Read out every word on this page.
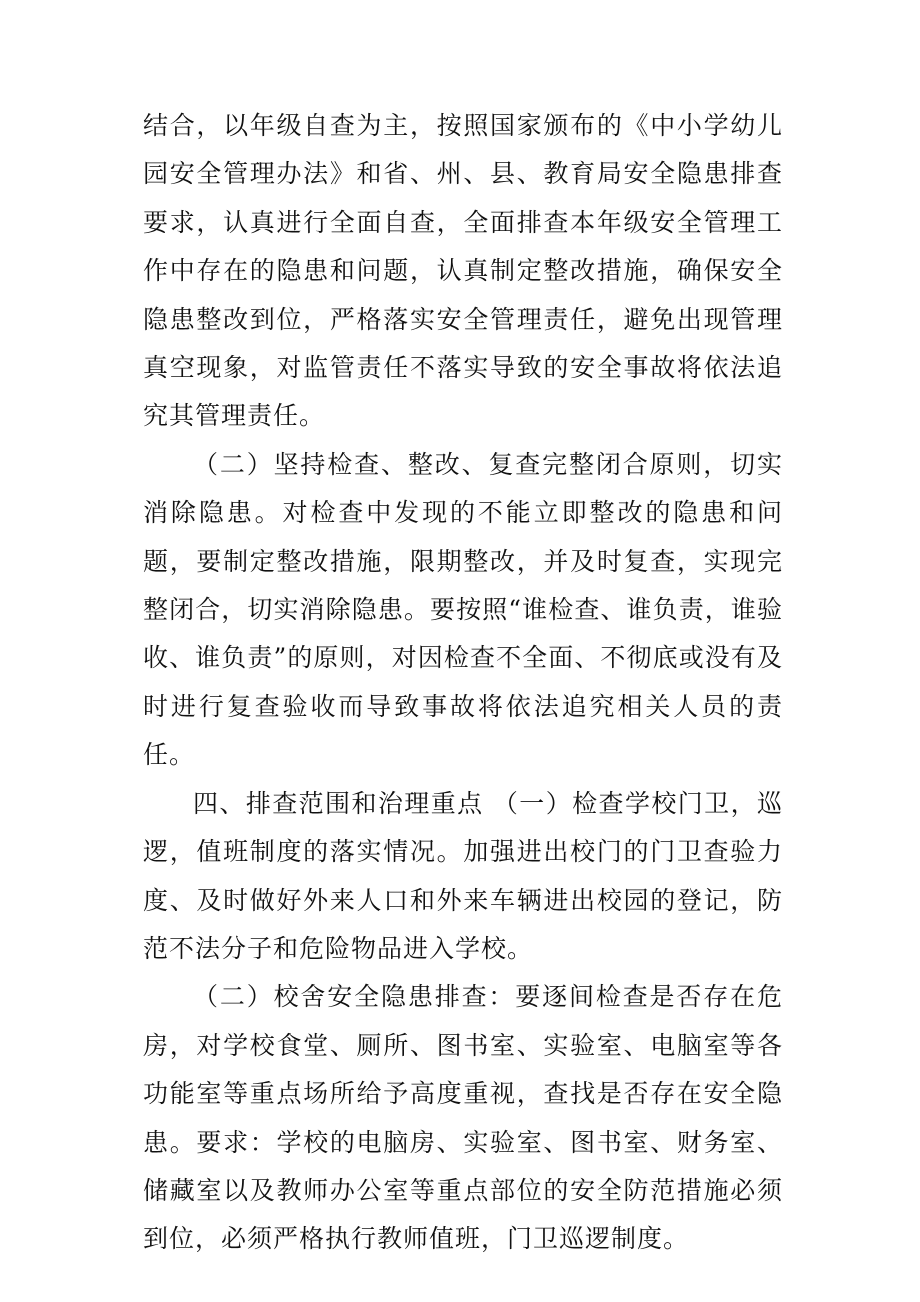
结合，以年级自查为主，按照国家颁布的《中小学幼儿园安全管理办法》和省、州、县、教育局安全隐患排查要求，认真进行全面自查，全面排查本年级安全管理工作中存在的隐患和问题，认真制定整改措施，确保安全隐患整改到位，严格落实安全管理责任，避免出现管理真空现象，对监管责任不落实导致的安全事故将依法追究其管理责任。

（二）坚持检查、整改、复查完整闭合原则，切实消除隐患。对检查中发现的不能立即整改的隐患和问题，要制定整改措施，限期整改，并及时复查，实现完整闭合，切实消除隐患。要按照“谁检查、谁负责，谁验收、谁负责”的原则，对因检查不全面、不彻底或没有及时进行复查验收而导致事故将依法追究相关人员的责任。

四、排查范围和治理重点 （一）检查学校门卫，巡逻，值班制度的落实情况。加强进出校门的门卫查验力度、及时做好外来人口和外来车辆进出校园的登记，防范不法分子和危险物品进入学校。

（二）校舍安全隐患排查：要逐间检查是否存在危房，对学校食堂、厕所、图书室、实验室、电脑室等各功能室等重点场所给予高度重视，查找是否存在安全隐患。要求：学校的电脑房、实验室、图书室、财务室、储藏室以及教师办公室等重点部位的安全防范措施必须到位，必须严格执行教师值班，门卫巡逻制度。
